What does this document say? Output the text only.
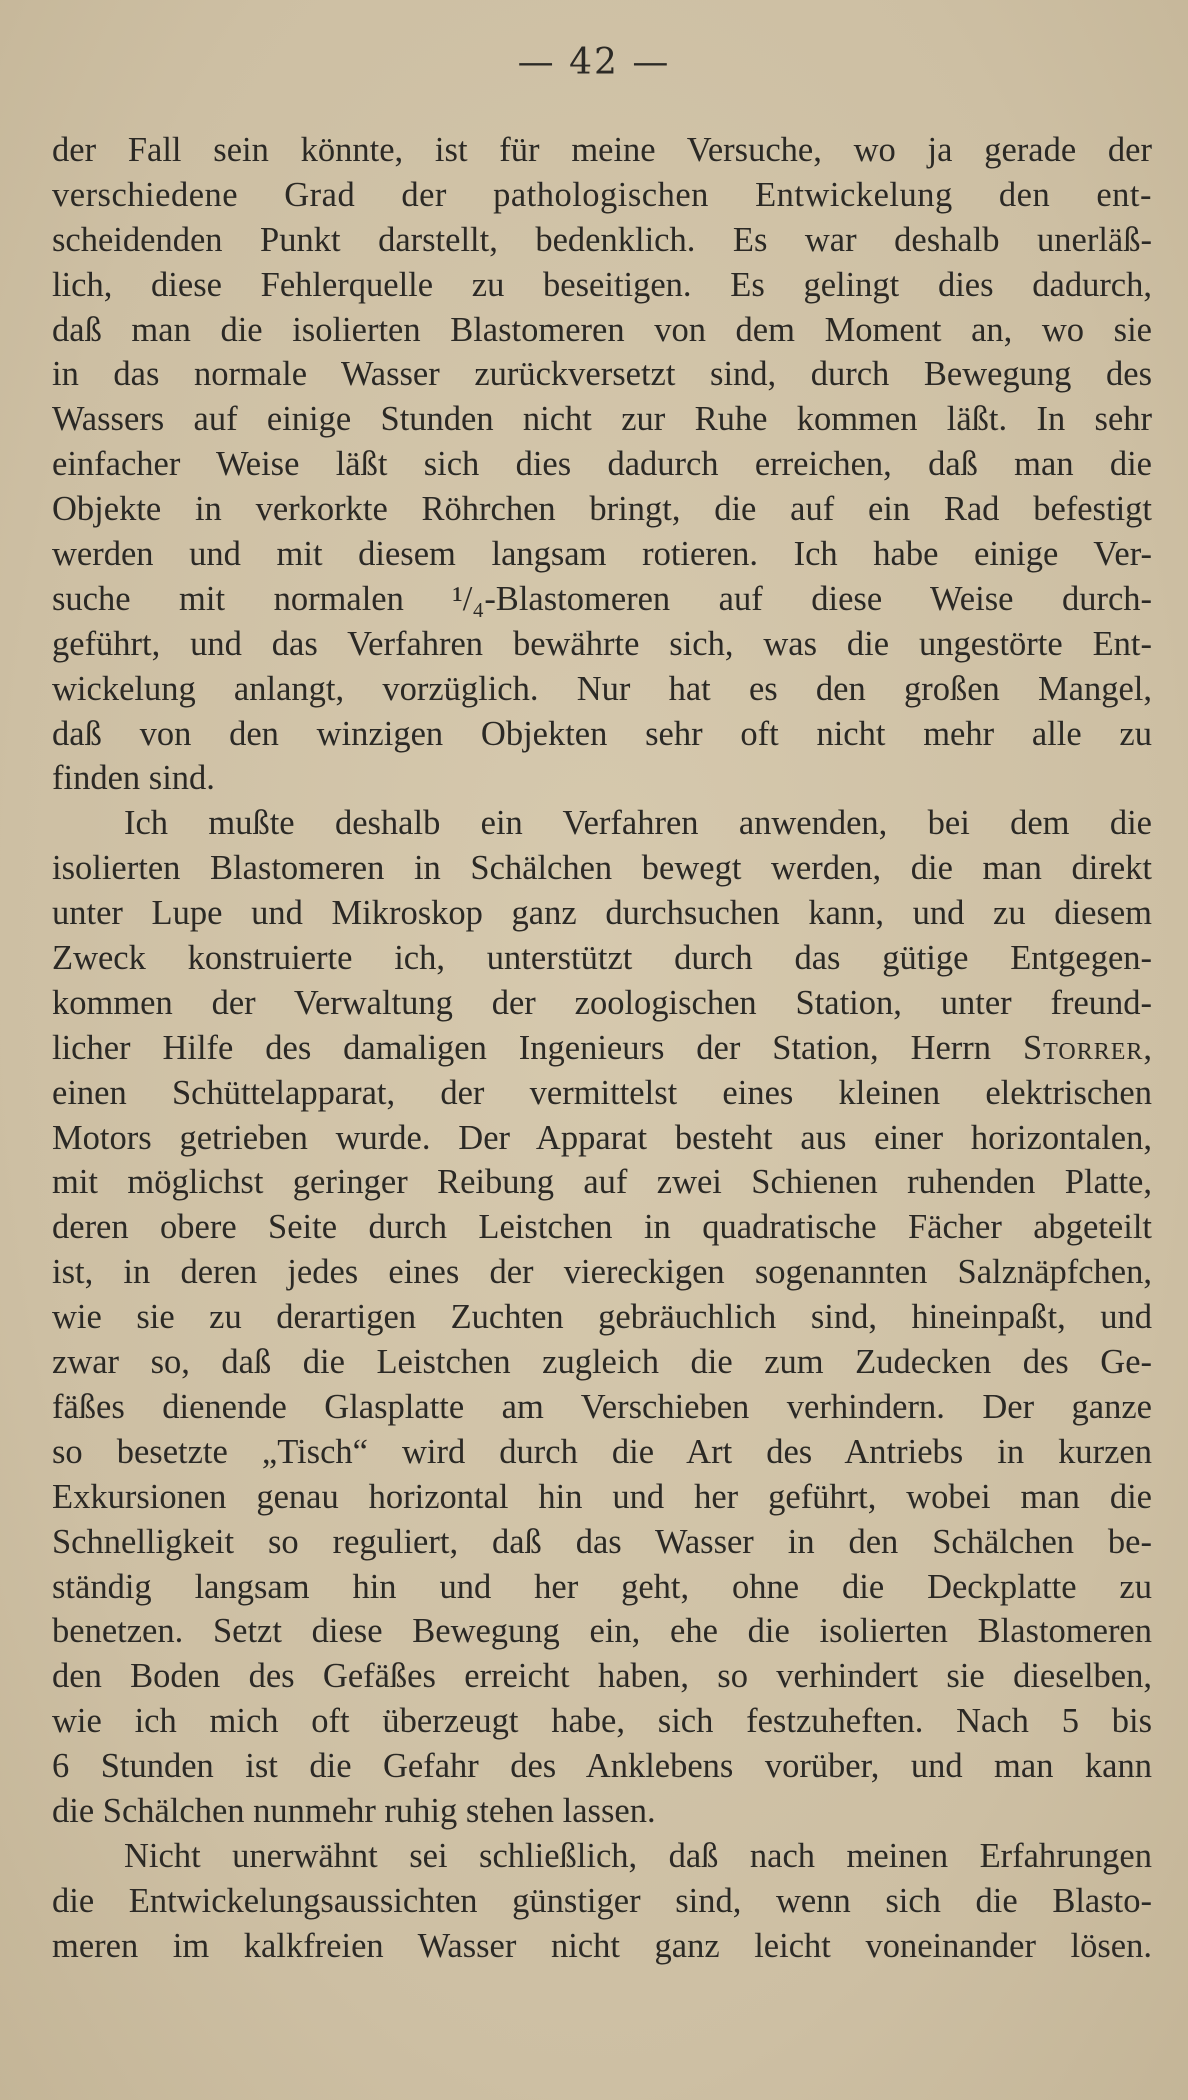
— 42 —
der Fall sein könnte, ist für meine Versuche, wo ja gerade der
verschiedene Grad der pathologischen Entwickelung den ent-
scheidenden Punkt darstellt, bedenklich. Es war deshalb unerläß-
lich, diese Fehlerquelle zu beseitigen. Es gelingt dies dadurch,
daß man die isolierten Blastomeren von dem Moment an, wo sie
in das normale Wasser zurückversetzt sind, durch Bewegung des
Wassers auf einige Stunden nicht zur Ruhe kommen läßt. In sehr
einfacher Weise läßt sich dies dadurch erreichen, daß man die
Objekte in verkorkte Röhrchen bringt, die auf ein Rad befestigt
werden und mit diesem langsam rotieren. Ich habe einige Ver-
suche mit normalen ¹/₄-Blastomeren auf diese Weise durch-
geführt, und das Verfahren bewährte sich, was die ungestörte Ent-
wickelung anlangt, vorzüglich. Nur hat es den großen Mangel,
daß von den winzigen Objekten sehr oft nicht mehr alle zu
finden sind.
Ich mußte deshalb ein Verfahren anwenden, bei dem die
isolierten Blastomeren in Schälchen bewegt werden, die man direkt
unter Lupe und Mikroskop ganz durchsuchen kann, und zu diesem
Zweck konstruierte ich, unterstützt durch das gütige Entgegen-
kommen der Verwaltung der zoologischen Station, unter freund-
licher Hilfe des damaligen Ingenieurs der Station, Herrn Storrer,
einen Schüttelapparat, der vermittelst eines kleinen elektrischen
Motors getrieben wurde. Der Apparat besteht aus einer horizontalen,
mit möglichst geringer Reibung auf zwei Schienen ruhenden Platte,
deren obere Seite durch Leistchen in quadratische Fächer abgeteilt
ist, in deren jedes eines der viereckigen sogenannten Salznäpfchen,
wie sie zu derartigen Zuchten gebräuchlich sind, hineinpaßt, und
zwar so, daß die Leistchen zugleich die zum Zudecken des Ge-
fäßes dienende Glasplatte am Verschieben verhindern. Der ganze
so besetzte „Tisch“ wird durch die Art des Antriebs in kurzen
Exkursionen genau horizontal hin und her geführt, wobei man die
Schnelligkeit so reguliert, daß das Wasser in den Schälchen be-
ständig langsam hin und her geht, ohne die Deckplatte zu
benetzen. Setzt diese Bewegung ein, ehe die isolierten Blastomeren
den Boden des Gefäßes erreicht haben, so verhindert sie dieselben,
wie ich mich oft überzeugt habe, sich festzuheften. Nach 5 bis
6 Stunden ist die Gefahr des Anklebens vorüber, und man kann
die Schälchen nunmehr ruhig stehen lassen.
Nicht unerwähnt sei schließlich, daß nach meinen Erfahrungen
die Entwickelungsaussichten günstiger sind, wenn sich die Blasto-
meren im kalkfreien Wasser nicht ganz leicht voneinander lösen.
